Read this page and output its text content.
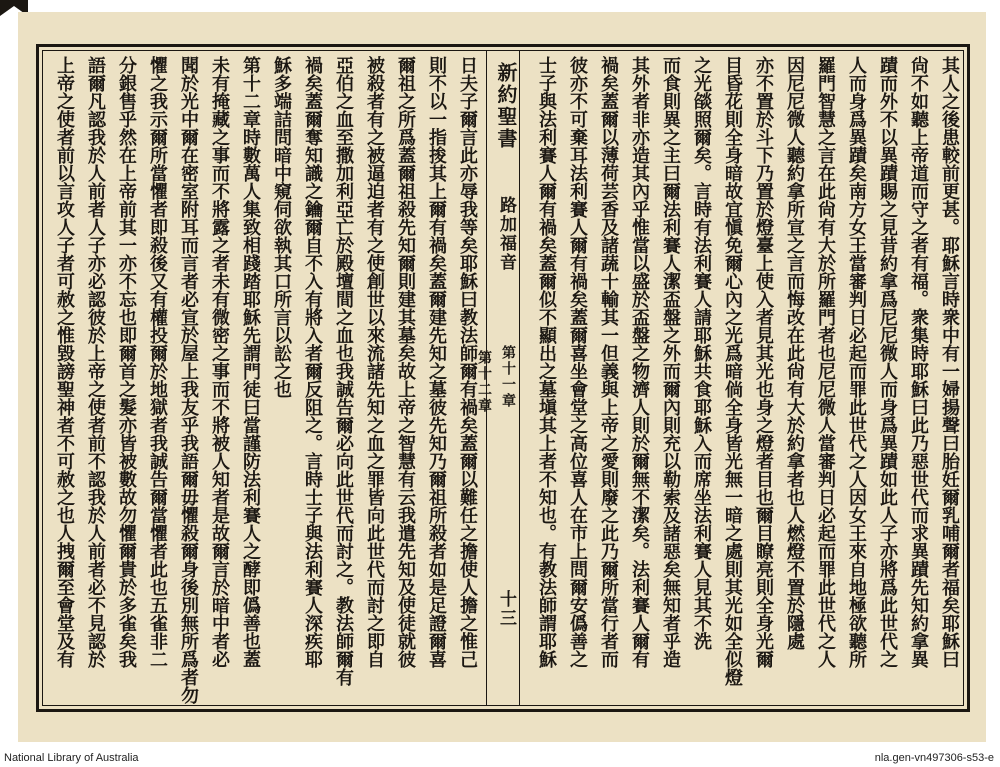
新約聖書
路加福音
第十一章
第十二章
十三	其人之後患較前更甚。耶穌言時衆中有一婦揚聲曰胎妊爾乳哺爾者福矣耶穌曰
尙不如聽上帝道而守之者有福。衆集時耶穌曰此乃惡世代而求異蹟先知約拿異
蹟而外不以異蹟賜之見昔約拿爲尼尼微人而身爲異蹟如此人子亦將爲此世代之
人而身爲異蹟矣南方女王當審判日必起而罪此世代之人因女王來自地極欲聽所
羅門智慧之言在此尙有大於所羅門者也尼尼微人當審判日必起而罪此世代之人
因尼尼微人聽約拿所宣之言而悔改在此尙有大於約拿者也人燃燈不置於隱處
亦不置於斗下乃置於燈臺上使入者見其光也身之燈者目也爾目瞭亮則全身光爾
目昏花則全身暗故宜愼免爾心內之光爲暗倘全身皆光無一暗之處則其光如全似燈
之光燄照爾矣。言時有法利賽人請耶穌共食耶穌入而席坐法利賽人見其不洗
而食則異之主曰爾法利賽人潔盃盤之外而爾內則充以勒索及諸惡矣無知者乎造
其外者非亦造其內乎惟當以盛於盃盤之物濟人則於爾無不潔矣。法利賽人爾有
禍矣蓋爾以薄荷芸香及諸蔬十輸其一但義與上帝之愛則廢之此乃爾所當行者而
彼亦不可棄耳法利賽人爾有禍矣蓋爾喜坐會堂之高位喜人在市上問爾安僞善之
士子與法利賽人爾有禍矣蓋爾似不顯出之墓塡其上者不知也。有教法師謂耶穌
日夫子爾言此亦辱我等矣耶穌曰教法師爾有禍矣蓋爾以難任之擔使人擔之惟己
則不以一指捘其上爾有禍矣蓋爾建先知之墓彼先知乃爾祖所殺者如是足證爾喜
爾祖之所爲蓋爾祖殺先知爾則建其墓矣故上帝之智慧有云我遣先知及使徒就彼
被殺者有之被逼迫者有之使創世以來流諸先知之血之罪皆向此世代而討之即自
亞伯之血至撒加利亞亡於殿壇間之血也我誠告爾必向此世代而討之。教法師爾有
禍矣蓋爾奪知識之鑰爾自不入有將入者爾反阻之。言時士子與法利賽人深疾耶
穌多端詰問暗中窺伺欲執其口所言以訟之也
第十二章時數萬人集致相踐踏耶穌先謂門徒曰當謹防法利賽人之酵即僞善也蓋
未有掩藏之事而不將露之者未有微密之事而不將被人知者是故爾言於暗中者必
聞於光中爾在密室附耳而言者必宣於屋上我友乎我語爾毋懼殺爾身後別無所爲者勿
懼之我示爾所當懼者即殺後又有權投爾於地獄者我誠告爾當懼者此也五雀非二
分銀售乎然在上帝前其一亦不忘也即爾首之髮亦皆被數故勿懼爾貴於多雀矣我
語爾凡認我於人前者人子亦必認彼於上帝之使者前不認我於人前者必不見認於
上帝之使者前以言攻人子者可赦之惟毀謗聖神者不可赦之也人拽爾至會堂及有
National Library of Australia	nla.gen-vn497306-s53-e
